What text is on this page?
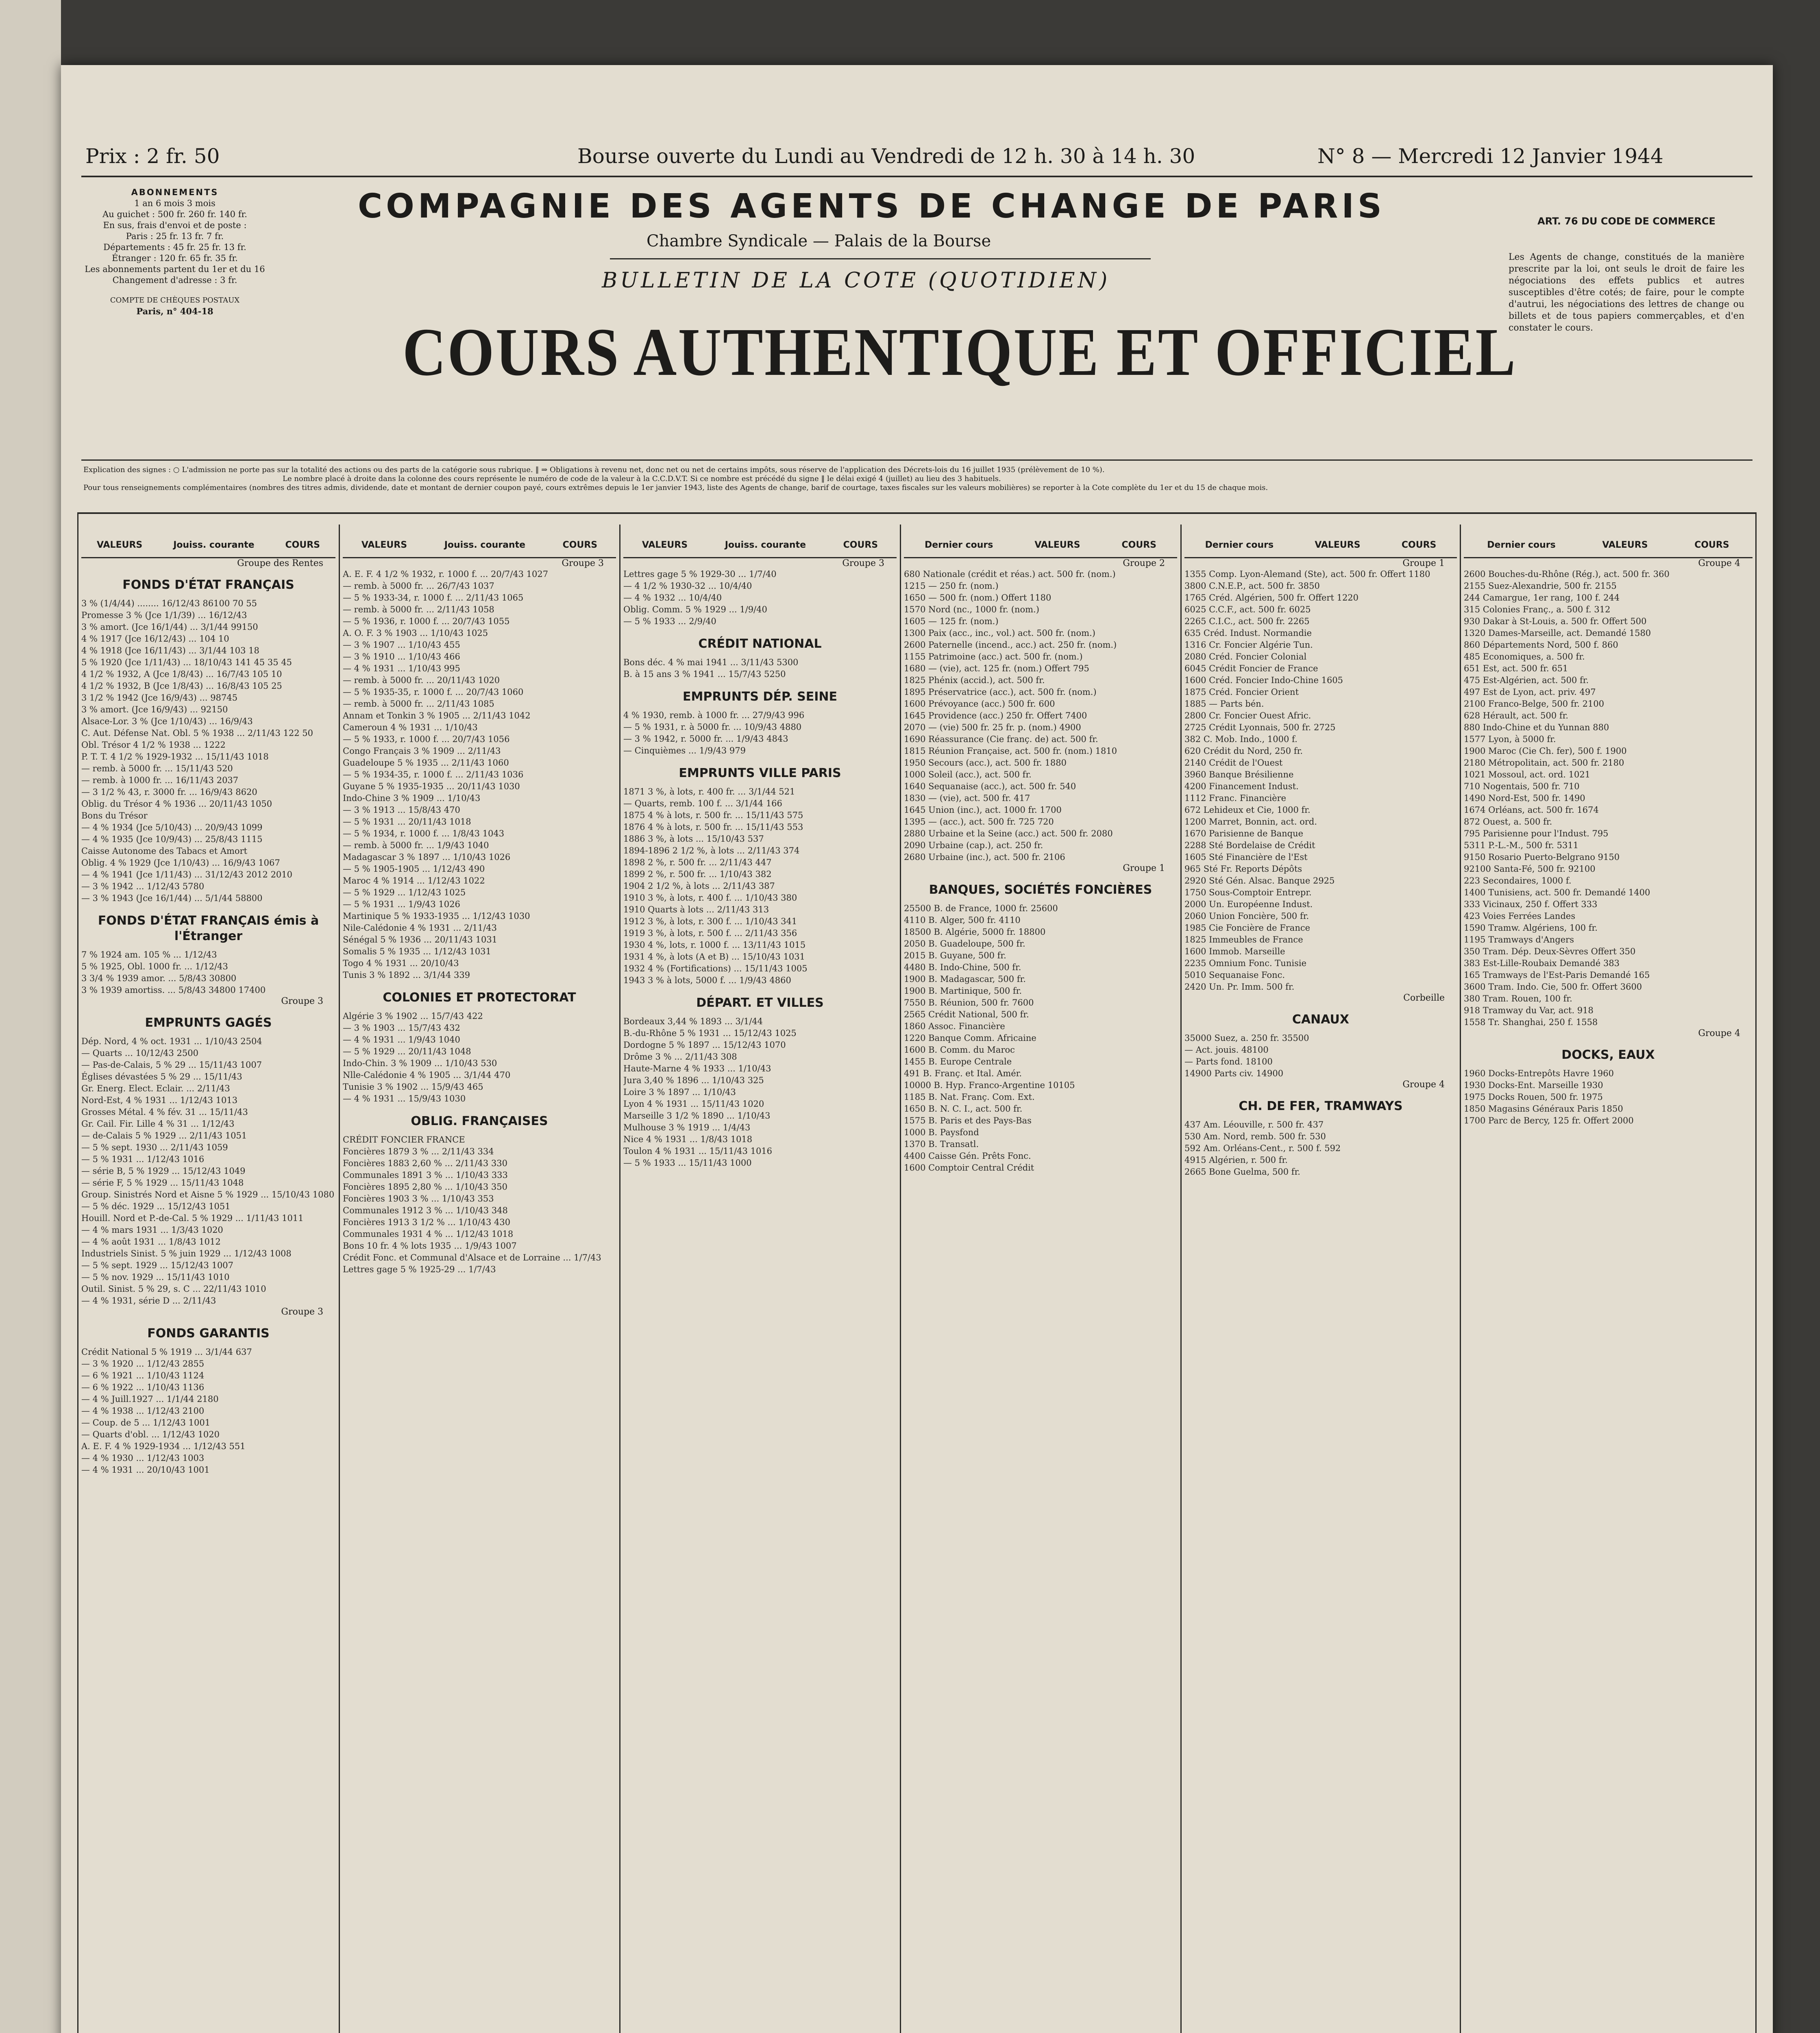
Prix : 2 fr. 50	Bourse ouverte du Lundi au Vendredi de 12 h. 30 à 14 h. 30	N° 8 — Mercredi 12 Janvier 1944
ABONNEMENTS
1 an 6 mois 3 mois
Au guichet : 500 fr. 260 fr. 140 fr.
En sus, frais d'envoi et de poste :
Paris : 25 fr. 13 fr. 7 fr.
Départements : 45 fr. 25 fr. 13 fr.
Étranger : 120 fr. 65 fr. 35 fr.
Les abonnements partent du 1er et du 16
Changement d'adresse : 3 fr.
COMPTE DE CHÈQUES POSTAUX
Paris, n° 404-18
COMPAGNIE DES AGENTS DE CHANGE DE PARIS
Chambre Syndicale — Palais de la Bourse
BULLETIN DE LA COTE (QUOTIDIEN)
COURS AUTHENTIQUE ET OFFICIEL
ART. 76 DU CODE DE COMMERCE
Les Agents de change, constitués de la manière prescrite par la loi, ont seuls le droit de faire les négociations des effets publics et autres susceptibles d'être cotés; de faire, pour le compte d'autrui, les négociations des lettres de change ou billets et de tous papiers commerçables, et d'en constater le cours.
Explication des signes : ○ L'admission ne porte pas sur la totalité des actions ou des parts de la catégorie sous rubrique. ‖ ⇒ Obligations à revenu net, donc net ou net de certains impôts, sous réserve de l'application des Décrets-lois du 16 juillet 1935 (prélèvement de 10 %).
Le nombre placé à droite dans la colonne des cours représente le numéro de code de la valeur à la C.C.D.V.T. Si ce nombre est précédé du signe ‖ le délai exigé 4 (juillet) au lieu des 3 habituels.
Pour tous renseignements complémentaires (nombres des titres admis, dividende, date et montant de dernier coupon payé, cours extrêmes depuis le 1er janvier 1943, liste des Agents de change, barif de courtage, taxes fiscales sur les valeurs mobilières) se reporter à la Cote complète du 1er et du 15 de chaque mois.
VALEURS	Jouiss. courante	COURS
Groupe des Rentes
FONDS D'ÉTAT FRANÇAIS
3 % (1/4/44) ........ 16/12/43 86100 70 55
Promesse 3 % (Jce 1/1/39) ... 16/12/43
3 % amort. (Jce 16/1/44) ... 3/1/44 99150
4 % 1917 (Jce 16/12/43) ... 104 10
4 % 1918 (Jce 16/11/43) ... 3/1/44 103 18
5 % 1920 (Jce 1/11/43) ... 18/10/43 141 45 35 45
4 1/2 % 1932, A (Jce 1/8/43) ... 16/7/43 105 10
4 1/2 % 1932, B (Jce 1/8/43) ... 16/8/43 105 25
3 1/2 % 1942 (Jce 16/9/43) ... 98745
3 % amort. (Jce 16/9/43) ... 92150
Alsace-Lor. 3 % (Jce 1/10/43) ... 16/9/43
C. Aut. Défense Nat. Obl. 5 % 1938 ... 2/11/43 122 50
Obl. Trésor 4 1/2 % 1938 ... 1222
P. T. T. 4 1/2 % 1929-1932 ... 15/11/43 1018
— remb. à 5000 fr. ... 15/11/43 520
— remb. à 1000 fr. ... 16/11/43 2037
— 3 1/2 % 43, r. 3000 fr. ... 16/9/43 8620
Oblig. du Trésor 4 % 1936 ... 20/11/43 1050
Bons du Trésor
— 4 % 1934 (Jce 5/10/43) ... 20/9/43 1099
— 4 % 1935 (Jce 10/9/43) ... 25/8/43 1115
Caisse Autonome des Tabacs et Amort
Oblig. 4 % 1929 (Jce 1/10/43) ... 16/9/43 1067
— 4 % 1941 (Jce 1/11/43) ... 31/12/43 2012 2010
— 3 % 1942 ... 1/12/43 5780
— 3 % 1943 (Jce 16/1/44) ... 5/1/44 58800
FONDS D'ÉTAT FRANÇAIS émis à l'Étranger
7 % 1924 am. 105 % ... 1/12/43
5 % 1925, Obl. 1000 fr. ... 1/12/43
3 3/4 % 1939 amor. ... 5/8/43 30800
3 % 1939 amortiss. ... 5/8/43 34800 17400
Groupe 3
EMPRUNTS GAGÉS
Dép. Nord, 4 % oct. 1931 ... 1/10/43 2504
— Quarts ... 10/12/43 2500
— Pas-de-Calais, 5 % 29 ... 15/11/43 1007
Églises dévastées 5 % 29 ... 15/11/43
Gr. Energ. Elect. Eclair. ... 2/11/43
Nord-Est, 4 % 1931 ... 1/12/43 1013
Grosses Métal. 4 % fév. 31 ... 15/11/43
Gr. Cail. Fir. Lille 4 % 31 ... 1/12/43
— de-Calais 5 % 1929 ... 2/11/43 1051
— 5 % sept. 1930 ... 2/11/43 1059
— 5 % 1931 ... 1/12/43 1016
— série B, 5 % 1929 ... 15/12/43 1049
— série F, 5 % 1929 ... 15/11/43 1048
Group. Sinistrés Nord et Aisne 5 % 1929 ... 15/10/43 1080
— 5 % déc. 1929 ... 15/12/43 1051
Houill. Nord et P.-de-Cal. 5 % 1929 ... 1/11/43 1011
— 4 % mars 1931 ... 1/3/43 1020
— 4 % août 1931 ... 1/8/43 1012
Industriels Sinist. 5 % juin 1929 ... 1/12/43 1008
— 5 % sept. 1929 ... 15/12/43 1007
— 5 % nov. 1929 ... 15/11/43 1010
Outil. Sinist. 5 % 29, s. C ... 22/11/43 1010
— 4 % 1931, série D ... 2/11/43
Groupe 3
FONDS GARANTIS
Crédit National 5 % 1919 ... 3/1/44 637
— 3 % 1920 ... 1/12/43 2855
— 6 % 1921 ... 1/10/43 1124
— 6 % 1922 ... 1/10/43 1136
— 4 % Juill.1927 ... 1/1/44 2180
— 4 % 1938 ... 1/12/43 2100
— Coup. de 5 ... 1/12/43 1001
— Quarts d'obl. ... 1/12/43 1020
A. E. F. 4 % 1929-1934 ... 1/12/43 551
— 4 % 1930 ... 1/12/43 1003
— 4 % 1931 ... 20/10/43 1001
VALEURS	Jouiss. courante	COURS
Groupe 3
A. E. F. 4 1/2 % 1932, r. 1000 f. ... 20/7/43 1027
— remb. à 5000 fr. ... 26/7/43 1037
— 5 % 1933-34, r. 1000 f. ... 2/11/43 1065
— remb. à 5000 fr. ... 2/11/43 1058
— 5 % 1936, r. 1000 f. ... 20/7/43 1055
A. O. F. 3 % 1903 ... 1/10/43 1025
— 3 % 1907 ... 1/10/43 455
— 3 % 1910 ... 1/10/43 466
— 4 % 1931 ... 1/10/43 995
— remb. à 5000 fr. ... 20/11/43 1020
— 5 % 1935-35, r. 1000 f. ... 20/7/43 1060
— remb. à 5000 fr. ... 2/11/43 1085
Annam et Tonkin 3 % 1905 ... 2/11/43 1042
Cameroun 4 % 1931 ... 1/10/43
— 5 % 1933, r. 1000 f. ... 20/7/43 1056
Congo Français 3 % 1909 ... 2/11/43
Guadeloupe 5 % 1935 ... 2/11/43 1060
— 5 % 1934-35, r. 1000 f. ... 2/11/43 1036
Guyane 5 % 1935-1935 ... 20/11/43 1030
Indo-Chine 3 % 1909 ... 1/10/43
— 3 % 1913 ... 15/8/43 470
— 5 % 1931 ... 20/11/43 1018
— 5 % 1934, r. 1000 f. ... 1/8/43 1043
— remb. à 5000 fr. ... 1/9/43 1040
Madagascar 3 % 1897 ... 1/10/43 1026
— 5 % 1905-1905 ... 1/12/43 490
Maroc 4 % 1914 ... 1/12/43 1022
— 5 % 1929 ... 1/12/43 1025
— 5 % 1931 ... 1/9/43 1026
Martinique 5 % 1933-1935 ... 1/12/43 1030
Nile-Calédonie 4 % 1931 ... 2/11/43
Sénégal 5 % 1936 ... 20/11/43 1031
Somalis 5 % 1935 ... 1/12/43 1031
Togo 4 % 1931 ... 20/10/43
Tunis 3 % 1892 ... 3/1/44 339
COLONIES ET PROTECTORAT
Algérie 3 % 1902 ... 15/7/43 422
— 3 % 1903 ... 15/7/43 432
— 4 % 1931 ... 1/9/43 1040
— 5 % 1929 ... 20/11/43 1048
Indo-Chin. 3 % 1909 ... 1/10/43 530
Nlle-Calédonie 4 % 1905 ... 3/1/44 470
Tunisie 3 % 1902 ... 15/9/43 465
— 4 % 1931 ... 15/9/43 1030
OBLIG. FRANÇAISES
CRÉDIT FONCIER FRANCE
Foncières 1879 3 % ... 2/11/43 334
Foncières 1883 2,60 % ... 2/11/43 330
Communales 1891 3 % ... 1/10/43 333
Foncières 1895 2,80 % ... 1/10/43 350
Foncières 1903 3 % ... 1/10/43 353
Communales 1912 3 % ... 1/10/43 348
Foncières 1913 3 1/2 % ... 1/10/43 430
Communales 1931 4 % ... 1/12/43 1018
Bons 10 fr. 4 % lots 1935 ... 1/9/43 1007
Crédit Fonc. et Communal d'Alsace et de Lorraine ... 1/7/43
Lettres gage 5 % 1925-29 ... 1/7/43
VALEURS	Jouiss. courante	COURS
Groupe 3
Lettres gage 5 % 1929-30 ... 1/7/40
— 4 1/2 % 1930-32 ... 10/4/40
— 4 % 1932 ... 10/4/40
Oblig. Comm. 5 % 1929 ... 1/9/40
— 5 % 1933 ... 2/9/40
CRÉDIT NATIONAL
Bons déc. 4 % mai 1941 ... 3/11/43 5300
B. à 15 ans 3 % 1941 ... 15/7/43 5250
EMPRUNTS DÉP. SEINE
4 % 1930, remb. à 1000 fr. ... 27/9/43 996
— 5 % 1931, r. à 5000 fr. ... 10/9/43 4880
— 3 % 1942, r. 5000 fr. ... 1/9/43 4843
— Cinquièmes ... 1/9/43 979
EMPRUNTS VILLE PARIS
1871 3 %, à lots, r. 400 fr. ... 3/1/44 521
— Quarts, remb. 100 f. ... 3/1/44 166
1875 4 % à lots, r. 500 fr. ... 15/11/43 575
1876 4 % à lots, r. 500 fr. ... 15/11/43 553
1886 3 %, à lots ... 15/10/43 537
1894-1896 2 1/2 %, à lots ... 2/11/43 374
1898 2 %, r. 500 fr. ... 2/11/43 447
1899 2 %, r. 500 fr. ... 1/10/43 382
1904 2 1/2 %, à lots ... 2/11/43 387
1910 3 %, à lots, r. 400 f. ... 1/10/43 380
1910 Quarts à lots ... 2/11/43 313
1912 3 %, à lots, r. 300 f. ... 1/10/43 341
1919 3 %, à lots, r. 500 f. ... 2/11/43 356
1930 4 %, lots, r. 1000 f. ... 13/11/43 1015
1931 4 %, à lots (A et B) ... 15/10/43 1031
1932 4 % (Fortifications) ... 15/11/43 1005
1943 3 % à lots, 5000 f. ... 1/9/43 4860
DÉPART. ET VILLES
Bordeaux 3,44 % 1893 ... 3/1/44
B.-du-Rhône 5 % 1931 ... 15/12/43 1025
Dordogne 5 % 1897 ... 15/12/43 1070
Drôme 3 % ... 2/11/43 308
Haute-Marne 4 % 1933 ... 1/10/43
Jura 3,40 % 1896 ... 1/10/43 325
Loire 3 % 1897 ... 1/10/43
Lyon 4 % 1931 ... 15/11/43 1020
Marseille 3 1/2 % 1890 ... 1/10/43
Mulhouse 3 % 1919 ... 1/4/43
Nice 4 % 1931 ... 1/8/43 1018
Toulon 4 % 1931 ... 15/11/43 1016
— 5 % 1933 ... 15/11/43 1000
Dernier cours	VALEURS	COURS
Groupe 2
680 Nationale (crédit et réas.) act. 500 fr. (nom.)
1215 — 250 fr. (nom.)
1650 — 500 fr. (nom.) Offert 1180
1570 Nord (nc., 1000 fr. (nom.)
1605 — 125 fr. (nom.)
1300 Paix (acc., inc., vol.) act. 500 fr. (nom.)
2600 Paternelle (incend., acc.) act. 250 fr. (nom.)
1155 Patrimoine (acc.) act. 500 fr. (nom.)
1680 — (vie), act. 125 fr. (nom.) Offert 795
1825 Phénix (accid.), act. 500 fr.
1895 Préservatrice (acc.), act. 500 fr. (nom.)
1600 Prévoyance (acc.) 500 fr. 600
1645 Providence (acc.) 250 fr. Offert 7400
2070 — (vie) 500 fr. 25 fr. p. (nom.) 4900
1690 Réassurance (Cie franç. de) act. 500 fr.
1815 Réunion Française, act. 500 fr. (nom.) 1810
1950 Secours (acc.), act. 500 fr. 1880
1000 Soleil (acc.), act. 500 fr.
1640 Sequanaise (acc.), act. 500 fr. 540
1830 — (vie), act. 500 fr. 417
1645 Union (inc.), act. 1000 fr. 1700
1395 — (acc.), act. 500 fr. 725 720
2880 Urbaine et la Seine (acc.) act. 500 fr. 2080
2090 Urbaine (cap.), act. 250 fr.
2680 Urbaine (inc.), act. 500 fr. 2106
Groupe 1
BANQUES, SOCIÉTÉS FONCIÈRES
25500 B. de France, 1000 fr. 25600
4110 B. Alger, 500 fr. 4110
18500 B. Algérie, 5000 fr. 18800
2050 B. Guadeloupe, 500 fr.
2015 B. Guyane, 500 fr.
4480 B. Indo-Chine, 500 fr.
1900 B. Madagascar, 500 fr.
1900 B. Martinique, 500 fr.
7550 B. Réunion, 500 fr. 7600
2565 Crédit National, 500 fr.
1860 Assoc. Financière
1220 Banque Comm. Africaine
1600 B. Comm. du Maroc
1455 B. Europe Centrale
491 B. Franç. et Ital. Amér.
10000 B. Hyp. Franco-Argentine 10105
1185 B. Nat. Franç. Com. Ext.
1650 B. N. C. I., act. 500 fr.
1575 B. Paris et des Pays-Bas
1000 B. Paysfond
1370 B. Transatl.
4400 Caisse Gén. Prêts Fonc.
1600 Comptoir Central Crédit
Dernier cours	VALEURS	COURS
Groupe 1
1355 Comp. Lyon-Alemand (Ste), act. 500 fr. Offert 1180
3800 C.N.E.P., act. 500 fr. 3850
1765 Créd. Algérien, 500 fr. Offert 1220
6025 C.C.F., act. 500 fr. 6025
2265 C.I.C., act. 500 fr. 2265
635 Créd. Indust. Normandie
1316 Cr. Foncier Algérie Tun.
2080 Créd. Foncier Colonial
6045 Crédit Foncier de France
1600 Créd. Foncier Indo-Chine 1605
1875 Créd. Foncier Orient
1885 — Parts bén.
2800 Cr. Foncier Ouest Afric.
2725 Crédit Lyonnais, 500 fr. 2725
382 C. Mob. Indo., 1000 f.
620 Crédit du Nord, 250 fr.
2140 Crédit de l'Ouest
3960 Banque Brésilienne
4200 Financement Indust.
1112 Franc. Financière
672 Lehideux et Cie, 1000 fr.
1200 Marret, Bonnin, act. ord.
1670 Parisienne de Banque
2288 Sté Bordelaise de Crédit
1605 Sté Financière de l'Est
965 Sté Fr. Reports Dépôts
2920 Sté Gén. Alsac. Banque 2925
1750 Sous-Comptoir Entrepr.
2000 Un. Européenne Indust.
2060 Union Foncière, 500 fr.
1985 Cie Foncière de France
1825 Immeubles de France
1600 Immob. Marseille
2235 Omnium Fonc. Tunisie
5010 Sequanaise Fonc.
2420 Un. Pr. Imm. 500 fr.
Corbeille
CANAUX
35000 Suez, a. 250 fr. 35500
— Act. jouis. 48100
— Parts fond. 18100
14900 Parts civ. 14900
Groupe 4
CH. DE FER, TRAMWAYS
437 Am. Léouville, r. 500 fr. 437
530 Am. Nord, remb. 500 fr. 530
592 Am. Orléans-Cent., r. 500 f. 592
4915 Algérien, r. 500 fr.
2665 Bone Guelma, 500 fr.
Dernier cours	VALEURS	COURS
Groupe 4
2600 Bouches-du-Rhône (Rég.), act. 500 fr. 360
2155 Suez-Alexandrie, 500 fr. 2155
244 Camargue, 1er rang, 100 f. 244
315 Colonies Franç., a. 500 f. 312
930 Dakar à St-Louis, a. 500 fr. Offert 500
1320 Dames-Marseille, act. Demandé 1580
860 Départements Nord, 500 f. 860
485 Economiques, a. 500 fr.
651 Est, act. 500 fr. 651
475 Est-Algérien, act. 500 fr.
497 Est de Lyon, act. priv. 497
2100 Franco-Belge, 500 fr. 2100
628 Hérault, act. 500 fr.
880 Indo-Chine et du Yunnan 880
1577 Lyon, à 5000 fr.
1900 Maroc (Cie Ch. fer), 500 f. 1900
2180 Métropolitain, act. 500 fr. 2180
1021 Mossoul, act. ord. 1021
710 Nogentais, 500 fr. 710
1490 Nord-Est, 500 fr. 1490
1674 Orléans, act. 500 fr. 1674
872 Ouest, a. 500 fr.
795 Parisienne pour l'Indust. 795
5311 P.-L.-M., 500 fr. 5311
9150 Rosario Puerto-Belgrano 9150
92100 Santa-Fé, 500 fr. 92100
223 Secondaires, 1000 f.
1400 Tunisiens, act. 500 fr. Demandé 1400
333 Vicinaux, 250 f. Offert 333
423 Voies Ferrées Landes
1590 Tramw. Algériens, 100 fr.
1195 Tramways d'Angers
350 Tram. Dép. Deux-Sèvres Offert 350
383 Est-Lille-Roubaix Demandé 383
165 Tramways de l'Est-Paris Demandé 165
3600 Tram. Indo. Cie, 500 fr. Offert 3600
380 Tram. Rouen, 100 fr.
918 Tramway du Var, act. 918
1558 Tr. Shanghai, 250 f. 1558
Groupe 4
DOCKS, EAUX
1960 Docks-Entrepôts Havre 1960
1930 Docks-Ent. Marseille 1930
1975 Docks Rouen, 500 fr. 1975
1850 Magasins Généraux Paris 1850
1700 Parc de Bercy, 125 fr. Offert 2000
